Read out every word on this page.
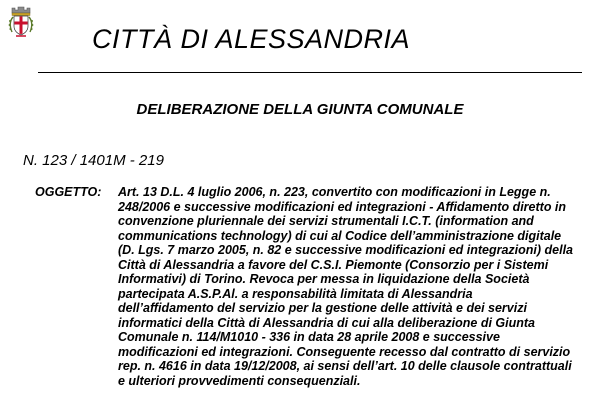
CITTÀ DI ALESSANDRIA
DELIBERAZIONE DELLA GIUNTA COMUNALE

N. 123 / 1401M - 219

OGGETTO: Art. 13 D.L. 4 luglio 2006, n. 223, convertito con modificazioni in Legge n.
248/2006 e successive modificazioni ed integrazioni - Affidamento diretto in
convenzione pluriennale dei servizi strumentali I.C.T. (information and
communications technology) di cui al Codice dell’amministrazione digitale
(D. Lgs. 7 marzo 2005, n. 82 e successive modificazioni ed integrazioni) della
Città di Alessandria a favore del C.S.I. Piemonte (Consorzio per i Sistemi
Informativi) di Torino. Revoca per messa in liquidazione della Società
partecipata A.S.P.Al. a responsabilità limitata di Alessandria
dell’affidamento del servizio per la gestione delle attività e dei servizi
informatici della Città di Alessandria di cui alla deliberazione di Giunta
Comunale n. 114/M1010 - 336 in data 28 aprile 2008 e successive
modificazioni ed integrazioni. Conseguente recesso dal contratto di servizio
rep. n. 4616 in data 19/12/2008, ai sensi dell’art. 10 delle clausole contrattuali
e ulteriori provvedimenti consequenziali.
